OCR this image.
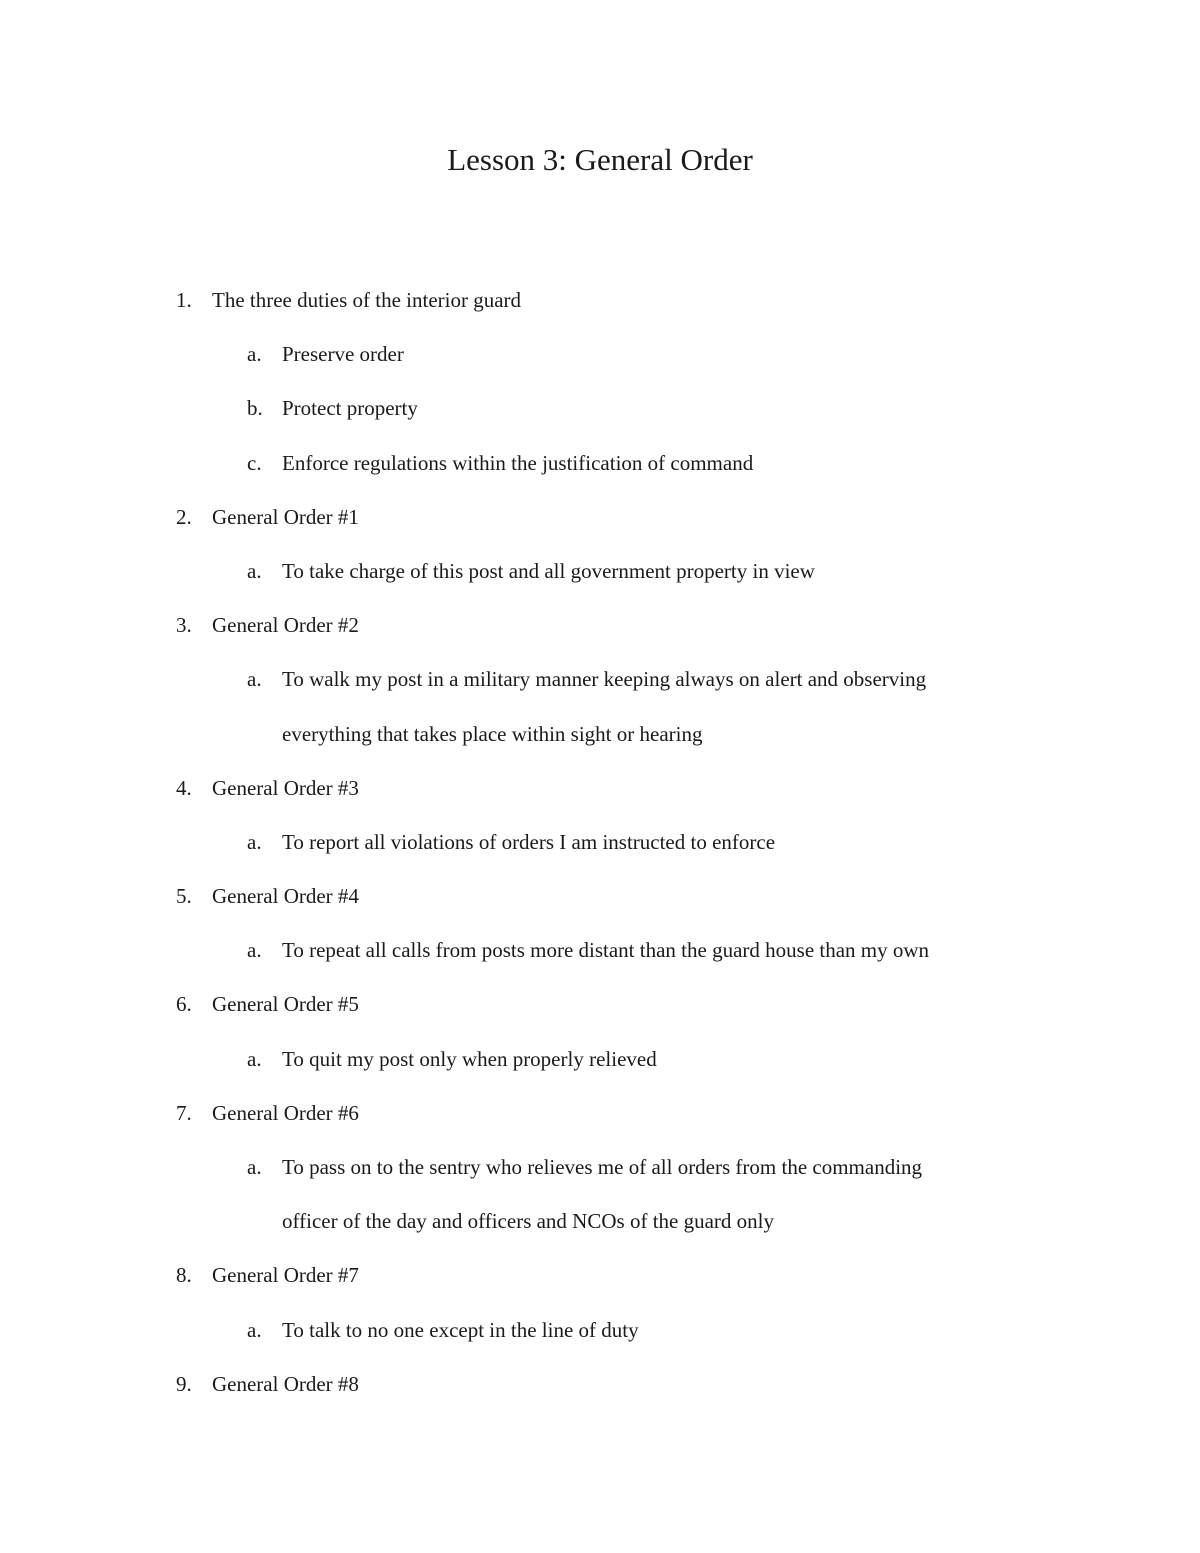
Lesson 3: General Order
1. The three duties of the interior guard
a. Preserve order
b. Protect property
c. Enforce regulations within the justification of command
2. General Order #1
a. To take charge of this post and all government property in view
3. General Order #2
a. To walk my post in a military manner keeping always on alert and observing
everything that takes place within sight or hearing
4. General Order #3
a. To report all violations of orders I am instructed to enforce
5. General Order #4
a. To repeat all calls from posts more distant than the guard house than my own
6. General Order #5
a. To quit my post only when properly relieved
7. General Order #6
a. To pass on to the sentry who relieves me of all orders from the commanding
officer of the day and officers and NCOs of the guard only
8. General Order #7
a. To talk to no one except in the line of duty
9. General Order #8
